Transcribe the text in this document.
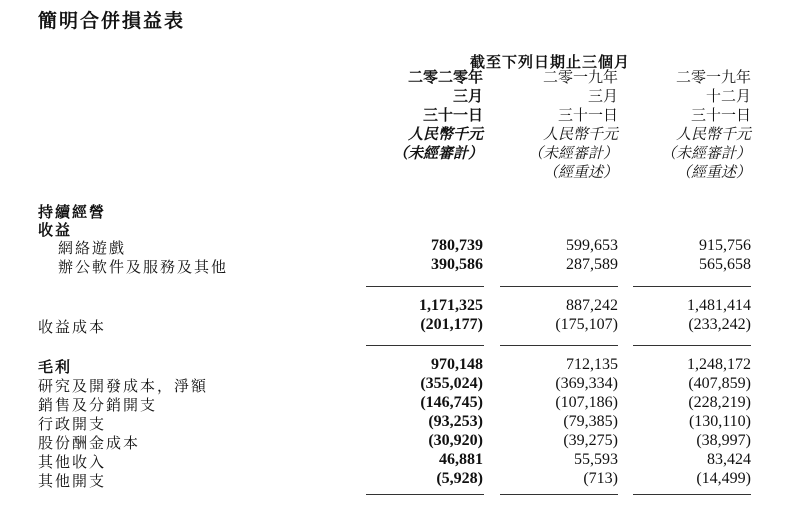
簡明合併損益表
截至下列日期止三個月
二零二零年
三月
三十一日
人民幣千元
（未經審計）
二零一九年
三月
三十一日
人民幣千元
（未經審計）
（經重述）
二零一九年
十二月
三十一日
人民幣千元
（未經審計）
（經重述）
持續經營
收益
網絡遊戲	780,739	599,653	915,756
辦公軟件及服務及其他	390,586	287,589	565,658
1,171,325	887,242	1,481,414
收益成本	(201,177)	(175,107)	(233,242)
毛利	970,148	712,135	1,248,172
研究及開發成本，淨額	(355,024)	(369,334)	(407,859)
銷售及分銷開支	(146,745)	(107,186)	(228,219)
行政開支	(93,253)	(79,385)	(130,110)
股份酬金成本	(30,920)	(39,275)	(38,997)
其他收入	46,881	55,593	83,424
其他開支	(5,928)	(713)	(14,499)
